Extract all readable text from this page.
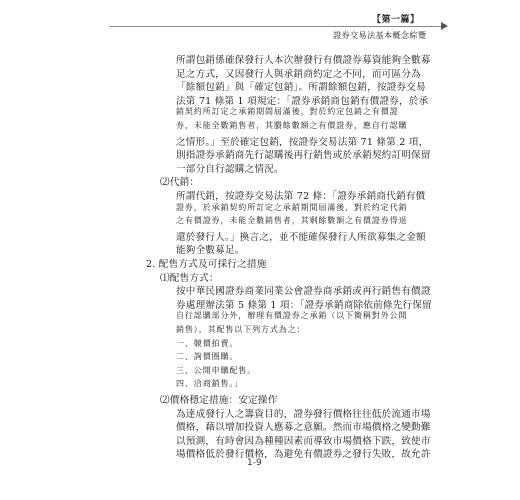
【第一篇】
證券交易法基本概念綜覽
所謂包銷係確保發行人本次辦發行有價證券募資能夠全數募
足之方式，又因發行人與承銷商約定之不同，而可區分為
「餘額包銷」與「確定包銷」。所謂餘額包銷，按證券交易
法第 71 條第 1 項規定：「證券承銷商包銷有價證券，於承
銷契約所訂定之承銷期間屆滿後，對於約定包銷之有價證
券，未能全數銷售者，其賸餘數額之有價證券，應自行認購
之情形。」至於確定包銷，按證券交易法第 71 條第 2 項，
則指證券承銷商先行認購後再行銷售或於承銷契約訂明保留
一部分自行認購之情況。
⑵代銷：
所謂代銷，按證券交易法第 72 條：「證券承銷商代銷有價
證券，於承銷契約所訂定之承銷期間屆滿後，對於約定代銷
之有價證券，未能全數銷售者，其剩餘數額之有價證券得退
還於發行人。」換言之，並不能確保發行人所欲募集之金額
能夠全數募足。
2. 配售方式及可採行之措施
⑴配售方式：
按中華民國證券商業同業公會證券商承銷或再行銷售有價證
券處理辦法第 5 條第 1 項：「證券承銷商除依前條先行保留
自行認購部分外，辦理有價證券之承銷（以下簡稱對外公開
銷售），其配售以下列方式為之：
一、競價拍賣。
二、詢價圈購。
三、公開申購配售。
四、洽商銷售。」
⑵價格穩定措施：安定操作
為達成發行人之籌資目的，證券發行價格往往低於流通市場
價格，藉以增加投資人應募之意願。然而市場價格之變動難
以預測，有時會因為種種因素而導致市場價格下跌，致使市
場價格低於發行價格，為避免有價證券之發行失敗，故允許
1-9
